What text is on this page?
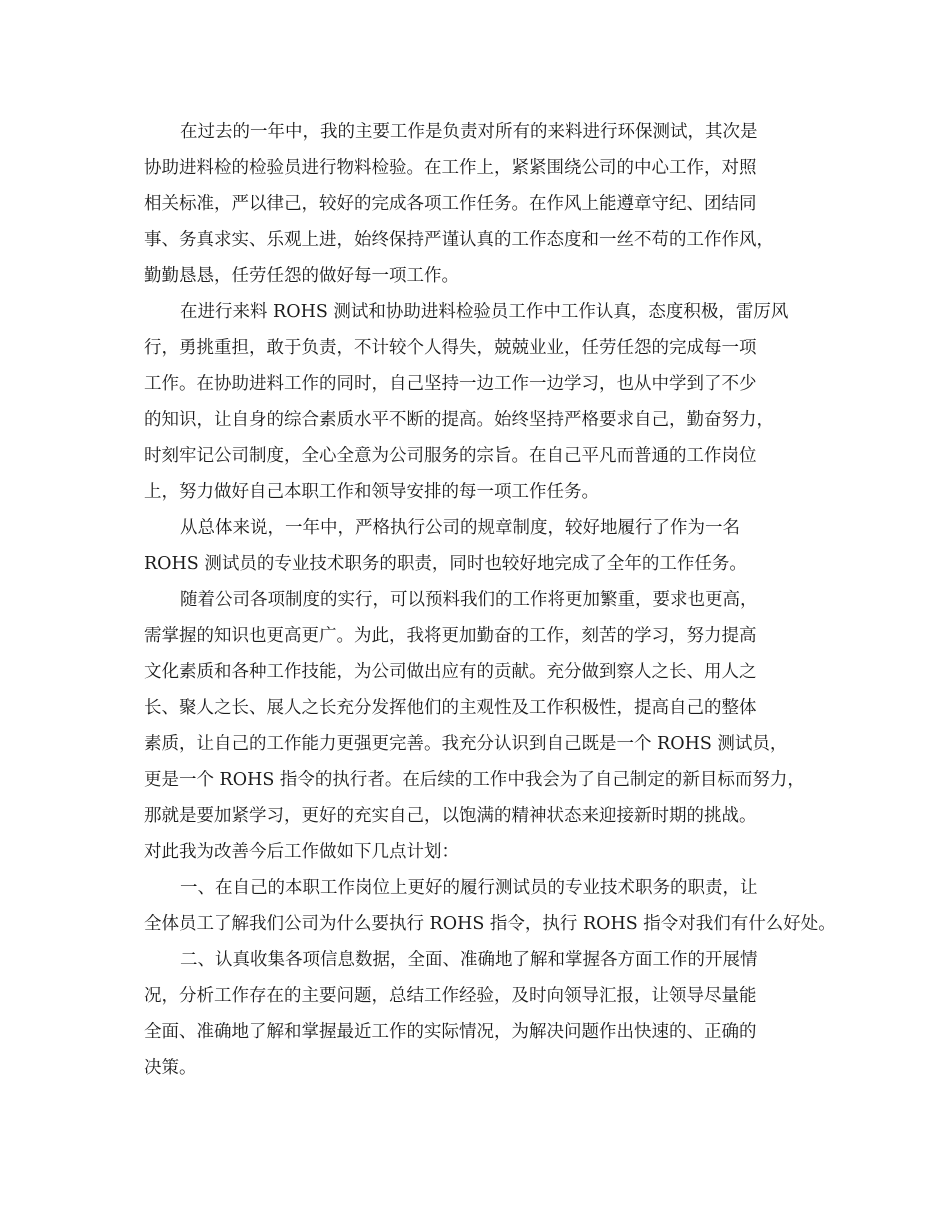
在过去的一年中，我的主要工作是负责对所有的来料进行环保测试，其次是
协助进料检的检验员进行物料检验。在工作上，紧紧围绕公司的中心工作，对照
相关标准，严以律己，较好的完成各项工作任务。在作风上能遵章守纪、团结同
事、务真求实、乐观上进，始终保持严谨认真的工作态度和一丝不苟的工作作风，
勤勤恳恳，任劳任怨的做好每一项工作。
在进行来料 ROHS 测试和协助进料检验员工作中工作认真，态度积极，雷厉风
行，勇挑重担，敢于负责，不计较个人得失，兢兢业业，任劳任怨的完成每一项
工作。在协助进料工作的同时，自己坚持一边工作一边学习，也从中学到了不少
的知识，让自身的综合素质水平不断的提高。始终坚持严格要求自己，勤奋努力，
时刻牢记公司制度，全心全意为公司服务的宗旨。在自己平凡而普通的工作岗位
上，努力做好自己本职工作和领导安排的每一项工作任务。
从总体来说，一年中，严格执行公司的规章制度，较好地履行了作为一名
ROHS 测试员的专业技术职务的职责，同时也较好地完成了全年的工作任务。
随着公司各项制度的实行，可以预料我们的工作将更加繁重，要求也更高，
需掌握的知识也更高更广。为此，我将更加勤奋的工作，刻苦的学习，努力提高
文化素质和各种工作技能，为公司做出应有的贡献。充分做到察人之长、用人之
长、聚人之长、展人之长充分发挥他们的主观性及工作积极性，提高自己的整体
素质，让自己的工作能力更强更完善。我充分认识到自己既是一个 ROHS 测试员，
更是一个 ROHS 指令的执行者。在后续的工作中我会为了自己制定的新目标而努力，
那就是要加紧学习，更好的充实自己，以饱满的精神状态来迎接新时期的挑战。
对此我为改善今后工作做如下几点计划：
一、在自己的本职工作岗位上更好的履行测试员的专业技术职务的职责，让
全体员工了解我们公司为什么要执行 ROHS 指令，执行 ROHS 指令对我们有什么好处。
二、认真收集各项信息数据，全面、准确地了解和掌握各方面工作的开展情
况，分析工作存在的主要问题，总结工作经验，及时向领导汇报，让领导尽量能
全面、准确地了解和掌握最近工作的实际情况，为解决问题作出快速的、正确的
决策。
